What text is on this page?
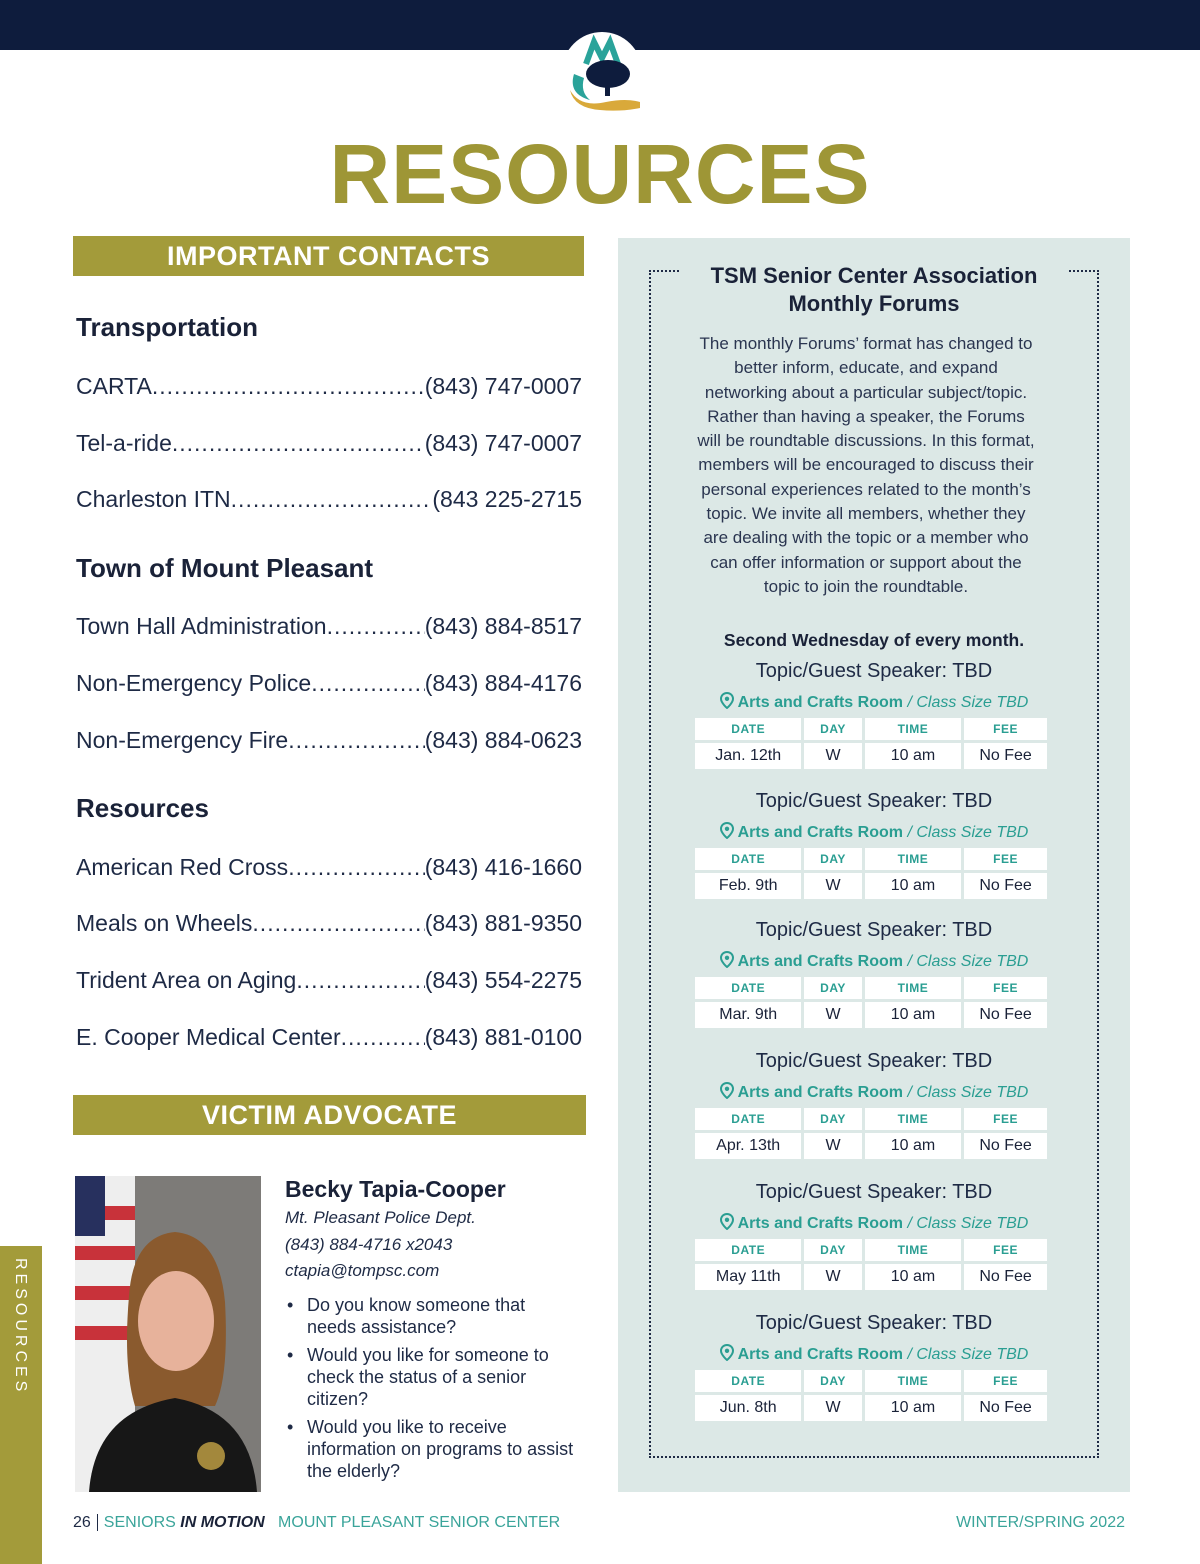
RESOURCES
IMPORTANT CONTACTS
Transportation
CARTA .....	(843) 747-0007
Tel-a-ride .....	(843) 747-0007
Charleston ITN .....	(843 225-2715
Town of Mount Pleasant
Town Hall Administration .....	(843) 884-8517
Non-Emergency Police .....	(843) 884-4176
Non-Emergency Fire .....	(843) 884-0623
Resources
American Red Cross .....	(843) 416-1660
Meals on Wheels .....	(843) 881-9350
Trident Area on Aging .....	(843) 554-2275
E. Cooper Medical Center .....	(843) 881-0100
VICTIM ADVOCATE
Becky Tapia-Cooper
Mt. Pleasant Police Dept.
(843) 884-4716 x2043
ctapia@tompsc.com
• Do you know someone that needs assistance?
• Would you like for someone to check the status of a senior citizen?
• Would you like to receive information on programs to assist the elderly?
RESOURCES
TSM Senior Center Association Monthly Forums
The monthly Forums’ format has changed to better inform, educate, and expand networking about a particular subject/topic. Rather than having a speaker, the Forums will be roundtable discussions. In this format, members will be encouraged to discuss their personal experiences related to the month’s topic. We invite all members, whether they are dealing with the topic or a member who can offer information or support about the topic to join the roundtable.
Second Wednesday of every month.
Topic/Guest Speaker: TBD
Arts and Crafts Room / Class Size TBD
DATE	DAY	TIME	FEE
Jan. 12th	W	10 am	No Fee
Topic/Guest Speaker: TBD
Arts and Crafts Room / Class Size TBD
DATE	DAY	TIME	FEE
Feb. 9th	W	10 am	No Fee
Topic/Guest Speaker: TBD
Arts and Crafts Room / Class Size TBD
DATE	DAY	TIME	FEE
Mar. 9th	W	10 am	No Fee
Topic/Guest Speaker: TBD
Arts and Crafts Room / Class Size TBD
DATE	DAY	TIME	FEE
Apr. 13th	W	10 am	No Fee
Topic/Guest Speaker: TBD
Arts and Crafts Room / Class Size TBD
DATE	DAY	TIME	FEE
May 11th	W	10 am	No Fee
Topic/Guest Speaker: TBD
Arts and Crafts Room / Class Size TBD
DATE	DAY	TIME	FEE
Jun. 8th	W	10 am	No Fee
26 SENIORS IN MOTION MOUNT PLEASANT SENIOR CENTER	WINTER/SPRING 2022
